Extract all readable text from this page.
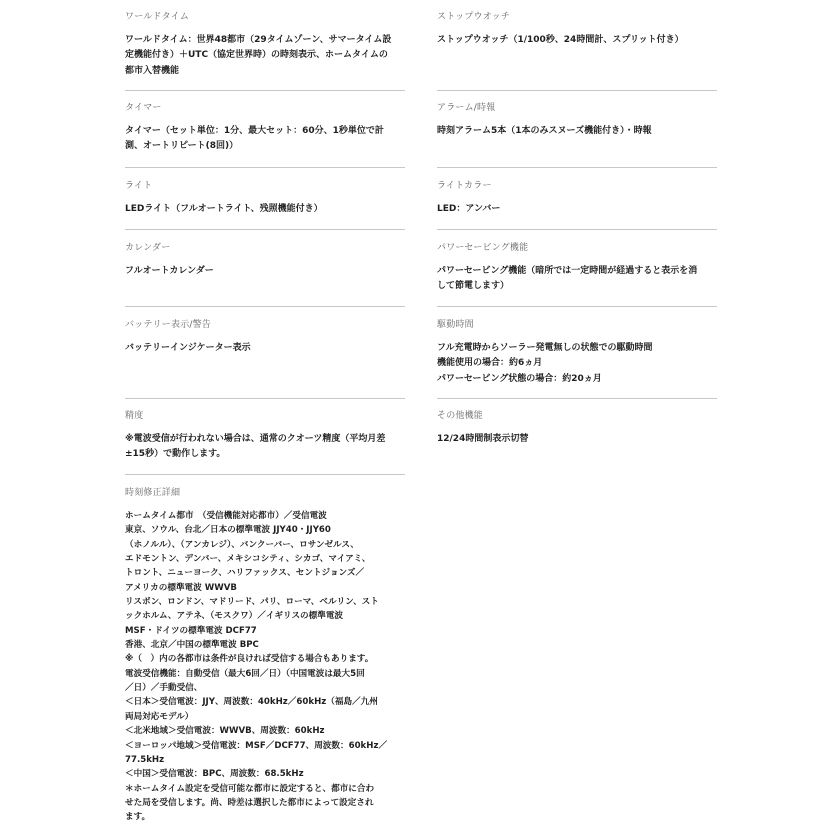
ワールドタイム
ワールドタイム：世界48都市（29タイムゾーン、サマータイム設
定機能付き）＋UTC（協定世界時）の時刻表示、ホームタイムの
都市入替機能
ストップウオッチ
ストップウオッチ（1/100秒、24時間計、スプリット付き）
タイマー
タイマー（セット単位：1分、最大セット：60分、1秒単位で計
測、オートリピート(8回)）
アラーム/時報
時刻アラーム5本（1本のみスヌーズ機能付き）・時報
ライト
LEDライト（フルオートライト、残照機能付き）
ライトカラー
LED：アンバー
カレンダー
フルオートカレンダー
パワーセービング機能
パワーセービング機能（暗所では一定時間が経過すると表示を消
して節電します）
バッテリー表示/警告
バッテリーインジケーター表示
駆動時間
フル充電時からソーラー発電無しの状態での駆動時間
機能使用の場合：約6ヵ月
パワーセービング状態の場合：約20ヵ月
精度
※電波受信が行われない場合は、通常のクオーツ精度（平均月差
±15秒）で動作します。
その他機能
12/24時間制表示切替
時刻修正詳細
ホームタイム都市　（受信機能対応都市）／受信電波
東京、ソウル、台北／日本の標準電波 JJY40・JJY60
（ホノルル）、（アンカレジ）、バンクーバー、ロサンゼルス、
エドモントン、デンバー、メキシコシティ、シカゴ、マイアミ、
トロント、ニューヨーク、ハリファックス、セントジョンズ／
アメリカの標準電波 WWVB
リスボン、ロンドン、マドリード、パリ、ローマ、ベルリン、スト
ックホルム、アテネ、（モスクワ）／イギリスの標準電波
MSF・ドイツの標準電波 DCF77
香港、北京／中国の標準電波 BPC
※（　）内の各都市は条件が良ければ受信する場合もあります。
電波受信機能：自動受信（最大6回／日）（中国電波は最大5回
／日）／手動受信、
＜日本＞受信電波：JJY、周波数：40kHz／60kHz（福島／九州
両局対応モデル）
＜北米地域＞受信電波：WWVB、周波数：60kHz
＜ヨーロッパ地域＞受信電波：MSF／DCF77、周波数：60kHz／
77.5kHz
＜中国＞受信電波：BPC、周波数：68.5kHz
＊ホームタイム設定を受信可能な都市に設定すると、都市に合わ
せた局を受信します。尚、時差は選択した都市によって設定され
ます。
